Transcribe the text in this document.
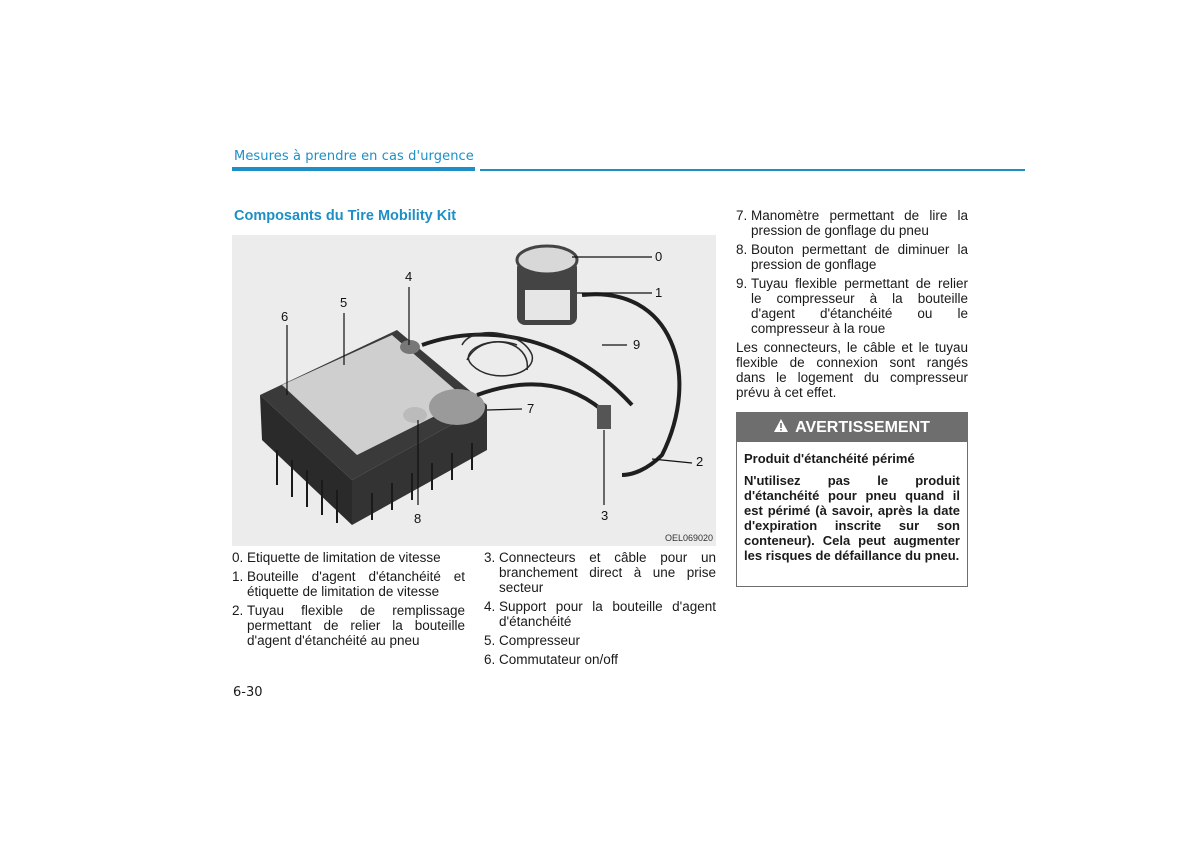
Mesures à prendre en cas d'urgence
Composants du Tire Mobility Kit
0
1
2
3
4
5
6
7
8
9
OEL069020
0. Etiquette de limitation de vitesse
1. Bouteille d'agent d'étanchéité et étiquette de limitation de vitesse
2. Tuyau flexible de remplissage permettant de relier la bouteille d'agent d'étanchéité au pneu
3. Connecteurs et câble pour un branchement direct à une prise secteur
4. Support pour la bouteille d'agent d'étanchéité
5. Compresseur
6. Commutateur on/off
7. Manomètre permettant de lire la pression de gonflage du pneu
8. Bouton permettant de diminuer la pression de gonflage
9. Tuyau flexible permettant de relier le compresseur à la bouteille d'agent d'étanchéité ou le compresseur à la roue

Les connecteurs, le câble et le tuyau flexible de connexion sont rangés dans le logement du compresseur prévu à cet effet.

AVERTISSEMENT

Produit d'étanchéité périmé

N'utilisez pas le produit d'étanchéité pour pneu quand il est périmé (à savoir, après la date d'expiration inscrite sur son conteneur). Cela peut augmenter les risques de défaillance du pneu.

6-30
